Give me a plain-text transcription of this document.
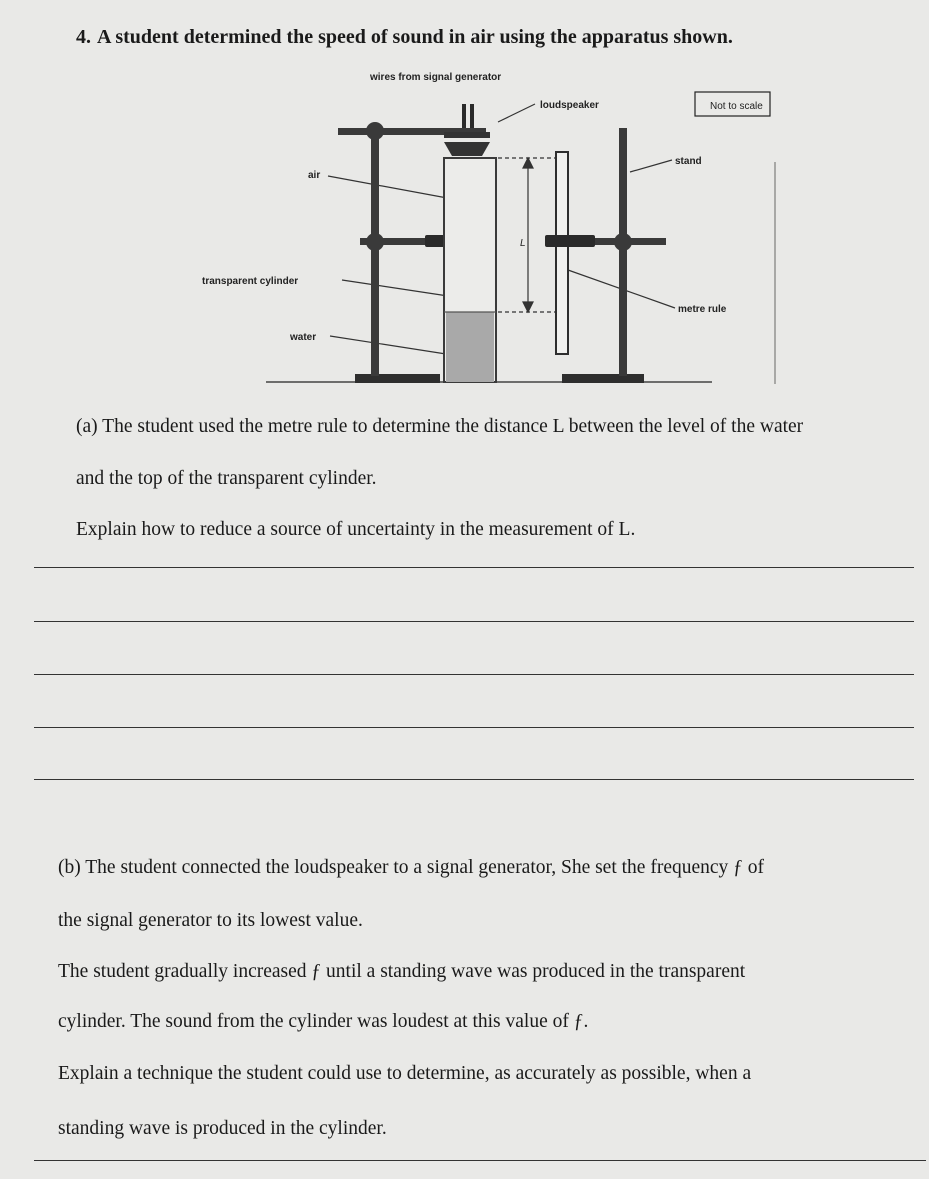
4. A student determined the speed of sound in air using the apparatus shown.
wires from signal generator
loudspeaker	Not to scale
stand
air
transparent cylinder
metre rule
water
L
(a) The student used the metre rule to determine the distance L between the level of the water
and the top of the transparent cylinder.
Explain how to reduce a source of uncertainty in the measurement of L.
(b) The student connected the loudspeaker to a signal generator, She set the frequency ƒ of
the signal generator to its lowest value.
The student gradually increased ƒ until a standing wave was produced in the transparent
cylinder. The sound from the cylinder was loudest at this value of ƒ.
Explain a technique the student could use to determine, as accurately as possible, when a
standing wave is produced in the cylinder.
